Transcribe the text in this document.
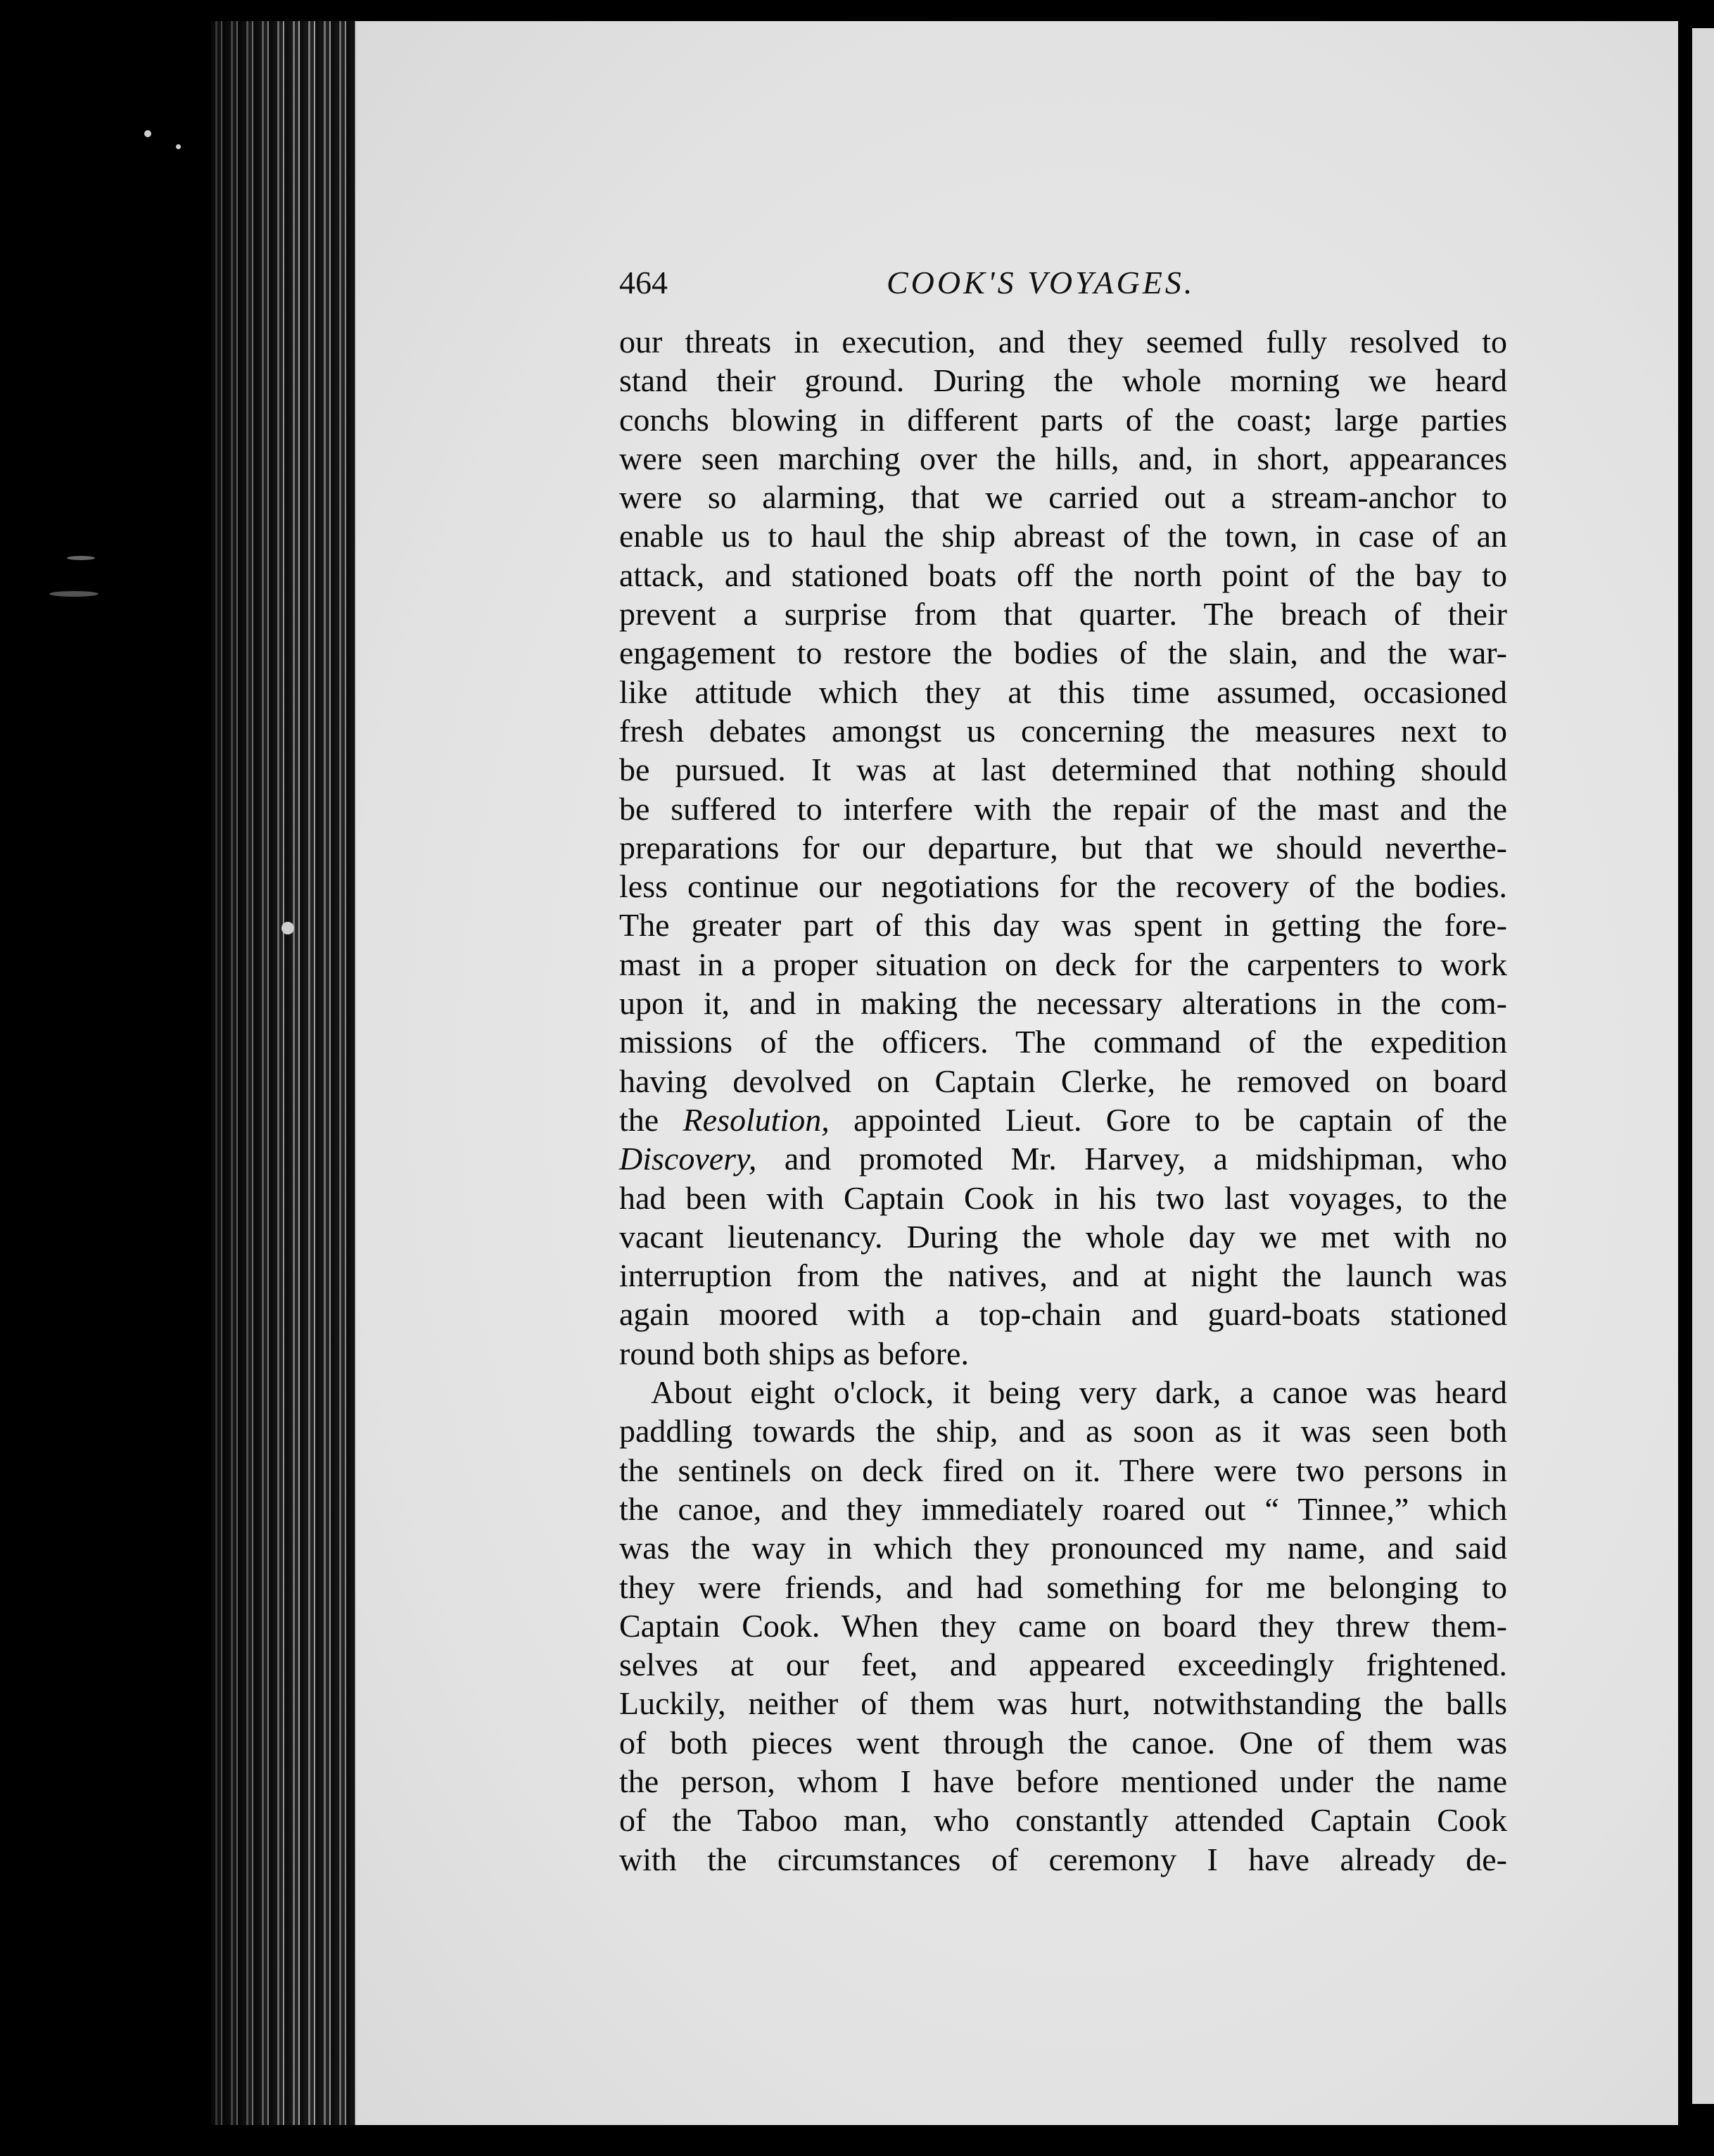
464	COOK'S VOYAGES.
our threats in execution, and they seemed fully resolved to
stand their ground. During the whole morning we heard
conchs blowing in different parts of the coast; large parties
were seen marching over the hills, and, in short, appearances
were so alarming, that we carried out a stream-anchor to
enable us to haul the ship abreast of the town, in case of an
attack, and stationed boats off the north point of the bay to
prevent a surprise from that quarter. The breach of their
engagement to restore the bodies of the slain, and the war-
like attitude which they at this time assumed, occasioned
fresh debates amongst us concerning the measures next to
be pursued. It was at last determined that nothing should
be suffered to interfere with the repair of the mast and the
preparations for our departure, but that we should neverthe-
less continue our negotiations for the recovery of the bodies.
The greater part of this day was spent in getting the fore-
mast in a proper situation on deck for the carpenters to work
upon it, and in making the necessary alterations in the com-
missions of the officers. The command of the expedition
having devolved on Captain Clerke, he removed on board
the Resolution, appointed Lieut. Gore to be captain of the
Discovery, and promoted Mr. Harvey, a midshipman, who
had been with Captain Cook in his two last voyages, to the
vacant lieutenancy. During the whole day we met with no
interruption from the natives, and at night the launch was
again moored with a top-chain and guard-boats stationed
round both ships as before.
About eight o'clock, it being very dark, a canoe was heard
paddling towards the ship, and as soon as it was seen both
the sentinels on deck fired on it. There were two persons in
the canoe, and they immediately roared out “ Tinnee,” which
was the way in which they pronounced my name, and said
they were friends, and had something for me belonging to
Captain Cook. When they came on board they threw them-
selves at our feet, and appeared exceedingly frightened.
Luckily, neither of them was hurt, notwithstanding the balls
of both pieces went through the canoe. One of them was
the person, whom I have before mentioned under the name
of the Taboo man, who constantly attended Captain Cook
with the circumstances of ceremony I have already de-
